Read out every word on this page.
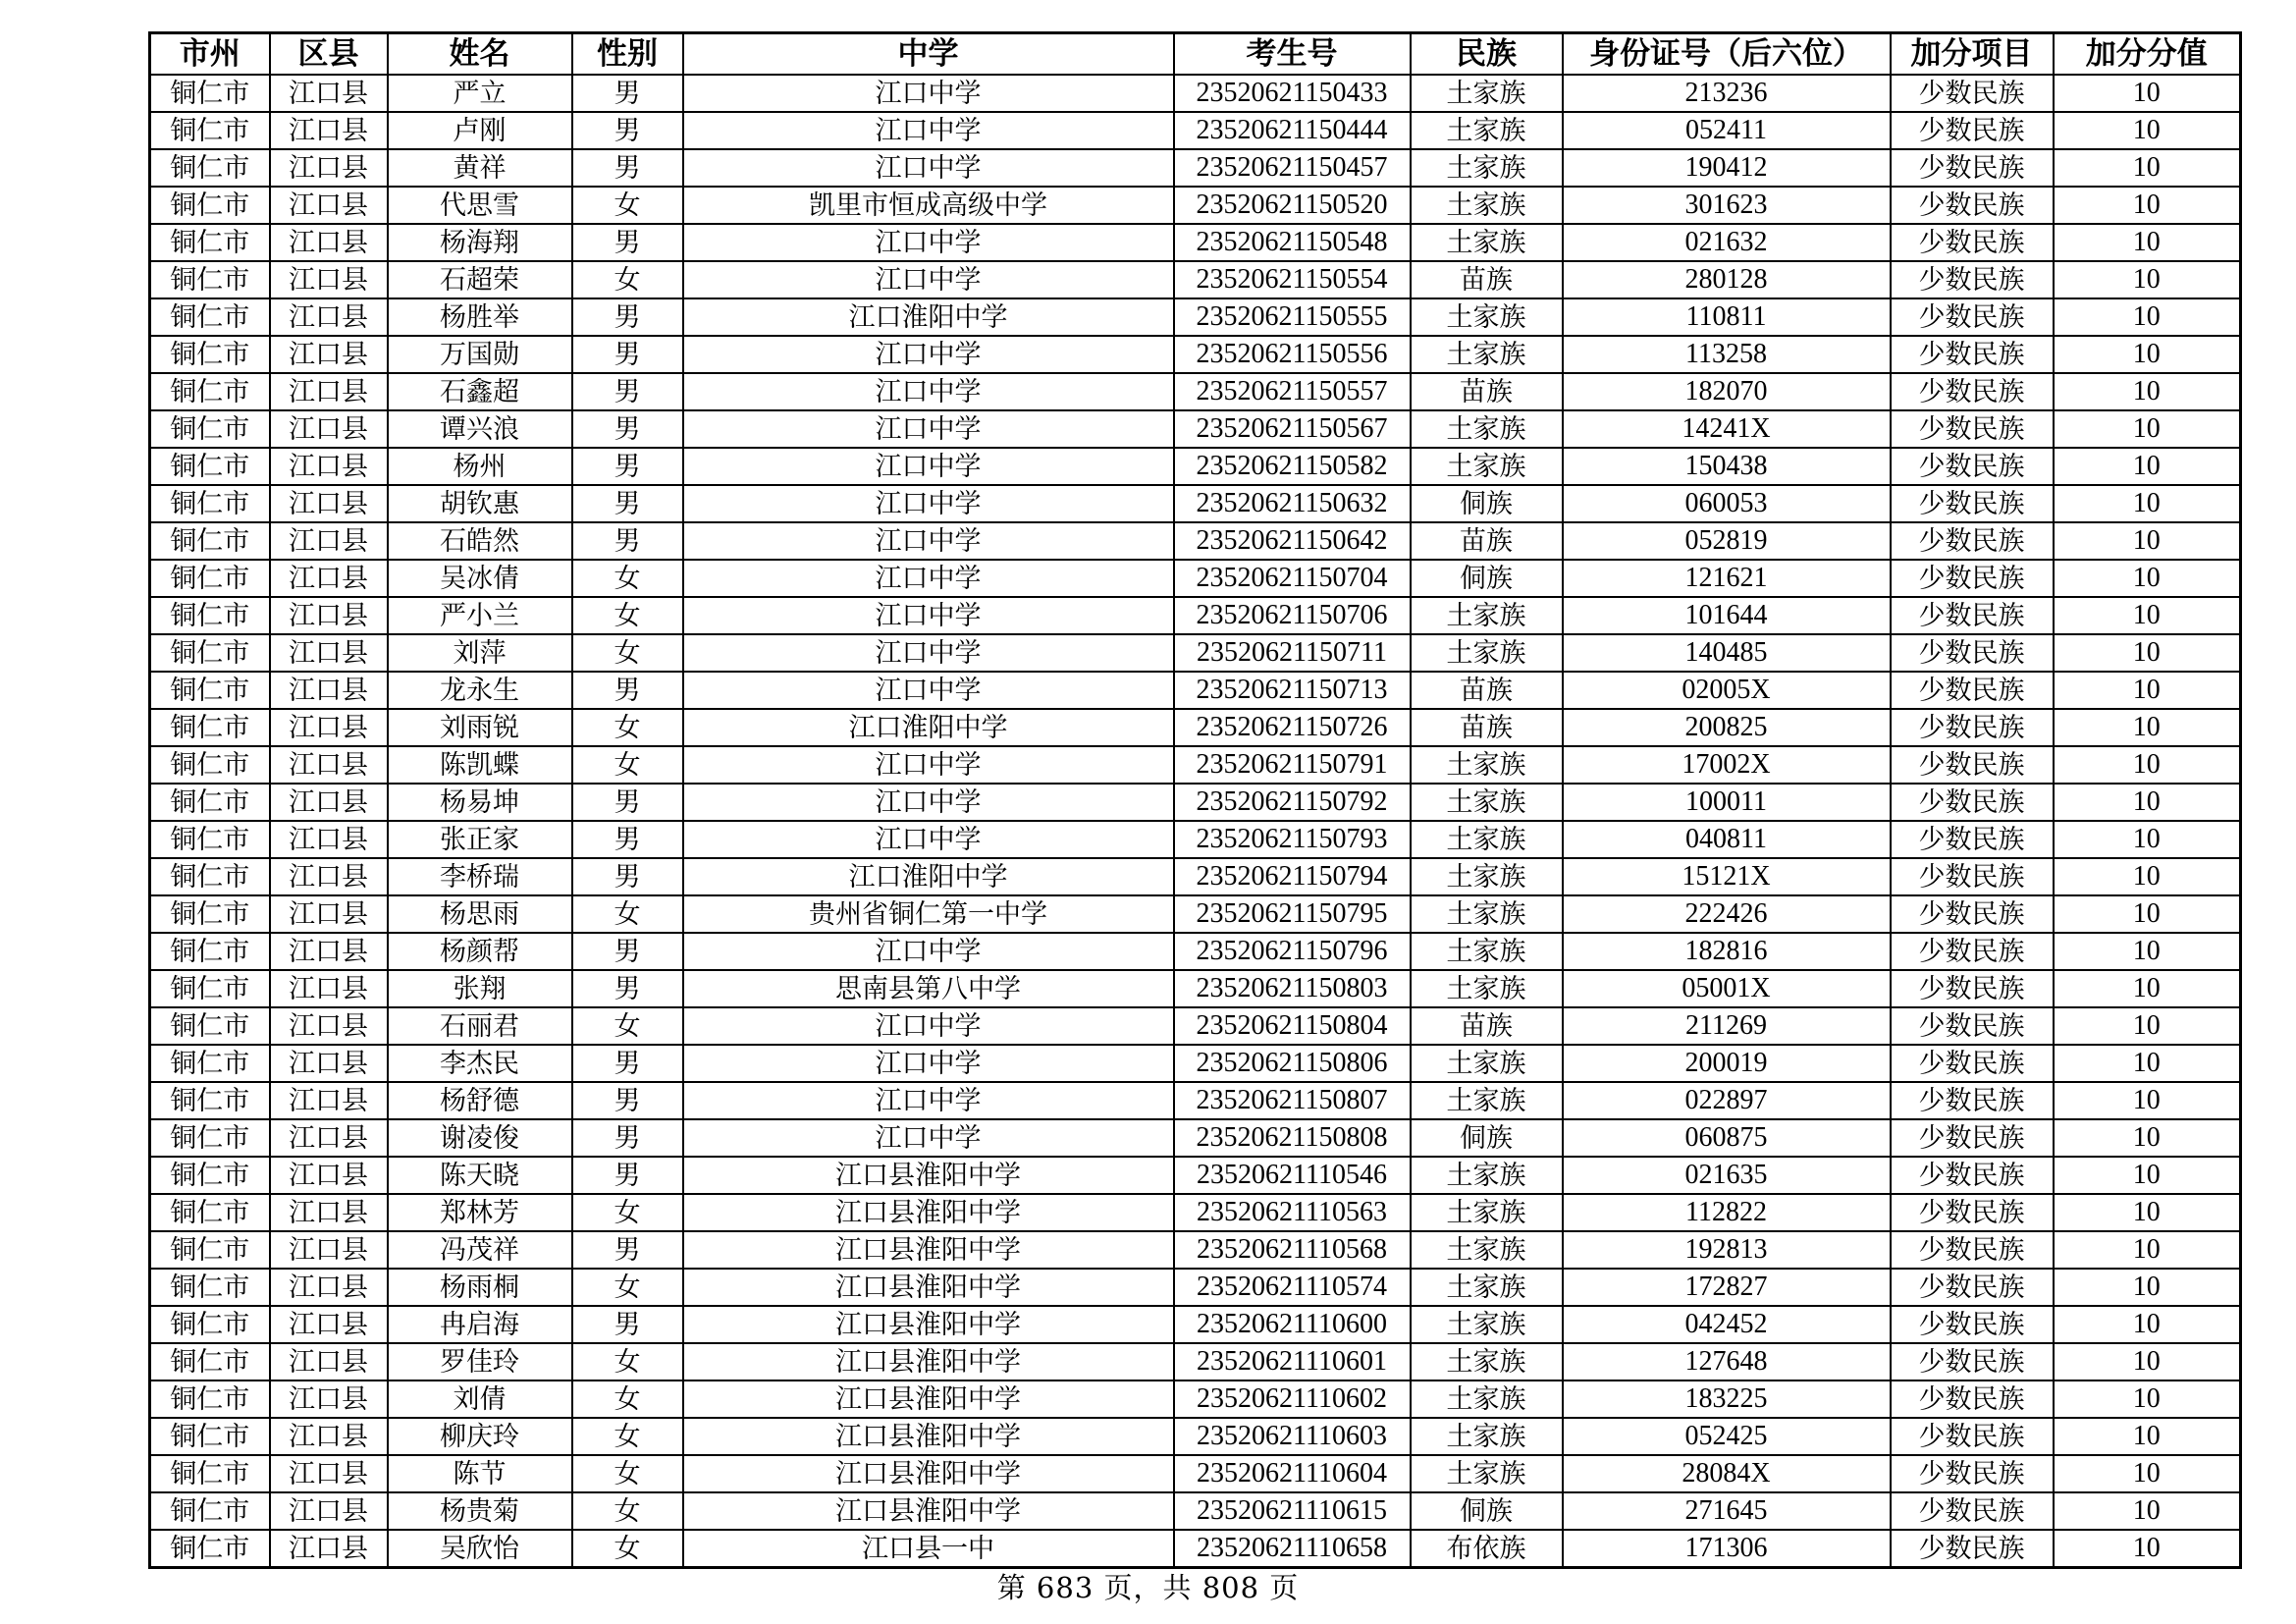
市州	区县	姓名	性别	中学	考生号	民族	身份证号（后六位）	加分项目	加分分值
铜仁市	江口县	严立	男	江口中学	23520621150433	土家族	213236	少数民族	10
铜仁市	江口县	卢刚	男	江口中学	23520621150444	土家族	052411	少数民族	10
铜仁市	江口县	黄祥	男	江口中学	23520621150457	土家族	190412	少数民族	10
铜仁市	江口县	代思雪	女	凯里市恒成高级中学	23520621150520	土家族	301623	少数民族	10
铜仁市	江口县	杨海翔	男	江口中学	23520621150548	土家族	021632	少数民族	10
铜仁市	江口县	石超荣	女	江口中学	23520621150554	苗族	280128	少数民族	10
铜仁市	江口县	杨胜举	男	江口淮阳中学	23520621150555	土家族	110811	少数民族	10
铜仁市	江口县	万国勋	男	江口中学	23520621150556	土家族	113258	少数民族	10
铜仁市	江口县	石鑫超	男	江口中学	23520621150557	苗族	182070	少数民族	10
铜仁市	江口县	谭兴浪	男	江口中学	23520621150567	土家族	14241X	少数民族	10
铜仁市	江口县	杨州	男	江口中学	23520621150582	土家族	150438	少数民族	10
铜仁市	江口县	胡钦惠	男	江口中学	23520621150632	侗族	060053	少数民族	10
铜仁市	江口县	石皓然	男	江口中学	23520621150642	苗族	052819	少数民族	10
铜仁市	江口县	吴冰倩	女	江口中学	23520621150704	侗族	121621	少数民族	10
铜仁市	江口县	严小兰	女	江口中学	23520621150706	土家族	101644	少数民族	10
铜仁市	江口县	刘萍	女	江口中学	23520621150711	土家族	140485	少数民族	10
铜仁市	江口县	龙永生	男	江口中学	23520621150713	苗族	02005X	少数民族	10
铜仁市	江口县	刘雨锐	女	江口淮阳中学	23520621150726	苗族	200825	少数民族	10
铜仁市	江口县	陈凯蝶	女	江口中学	23520621150791	土家族	17002X	少数民族	10
铜仁市	江口县	杨易坤	男	江口中学	23520621150792	土家族	100011	少数民族	10
铜仁市	江口县	张正家	男	江口中学	23520621150793	土家族	040811	少数民族	10
铜仁市	江口县	李桥瑞	男	江口淮阳中学	23520621150794	土家族	15121X	少数民族	10
铜仁市	江口县	杨思雨	女	贵州省铜仁第一中学	23520621150795	土家族	222426	少数民族	10
铜仁市	江口县	杨颜帮	男	江口中学	23520621150796	土家族	182816	少数民族	10
铜仁市	江口县	张翔	男	思南县第八中学	23520621150803	土家族	05001X	少数民族	10
铜仁市	江口县	石丽君	女	江口中学	23520621150804	苗族	211269	少数民族	10
铜仁市	江口县	李杰民	男	江口中学	23520621150806	土家族	200019	少数民族	10
铜仁市	江口县	杨舒德	男	江口中学	23520621150807	土家族	022897	少数民族	10
铜仁市	江口县	谢凌俊	男	江口中学	23520621150808	侗族	060875	少数民族	10
铜仁市	江口县	陈天晓	男	江口县淮阳中学	23520621110546	土家族	021635	少数民族	10
铜仁市	江口县	郑林芳	女	江口县淮阳中学	23520621110563	土家族	112822	少数民族	10
铜仁市	江口县	冯茂祥	男	江口县淮阳中学	23520621110568	土家族	192813	少数民族	10
铜仁市	江口县	杨雨桐	女	江口县淮阳中学	23520621110574	土家族	172827	少数民族	10
铜仁市	江口县	冉启海	男	江口县淮阳中学	23520621110600	土家族	042452	少数民族	10
铜仁市	江口县	罗佳玲	女	江口县淮阳中学	23520621110601	土家族	127648	少数民族	10
铜仁市	江口县	刘倩	女	江口县淮阳中学	23520621110602	土家族	183225	少数民族	10
铜仁市	江口县	柳庆玲	女	江口县淮阳中学	23520621110603	土家族	052425	少数民族	10
铜仁市	江口县	陈节	女	江口县淮阳中学	23520621110604	土家族	28084X	少数民族	10
铜仁市	江口县	杨贵菊	女	江口县淮阳中学	23520621110615	侗族	271645	少数民族	10
铜仁市	江口县	吴欣怡	女	江口县一中	23520621110658	布依族	171306	少数民族	10
第 683 页，共 808 页
